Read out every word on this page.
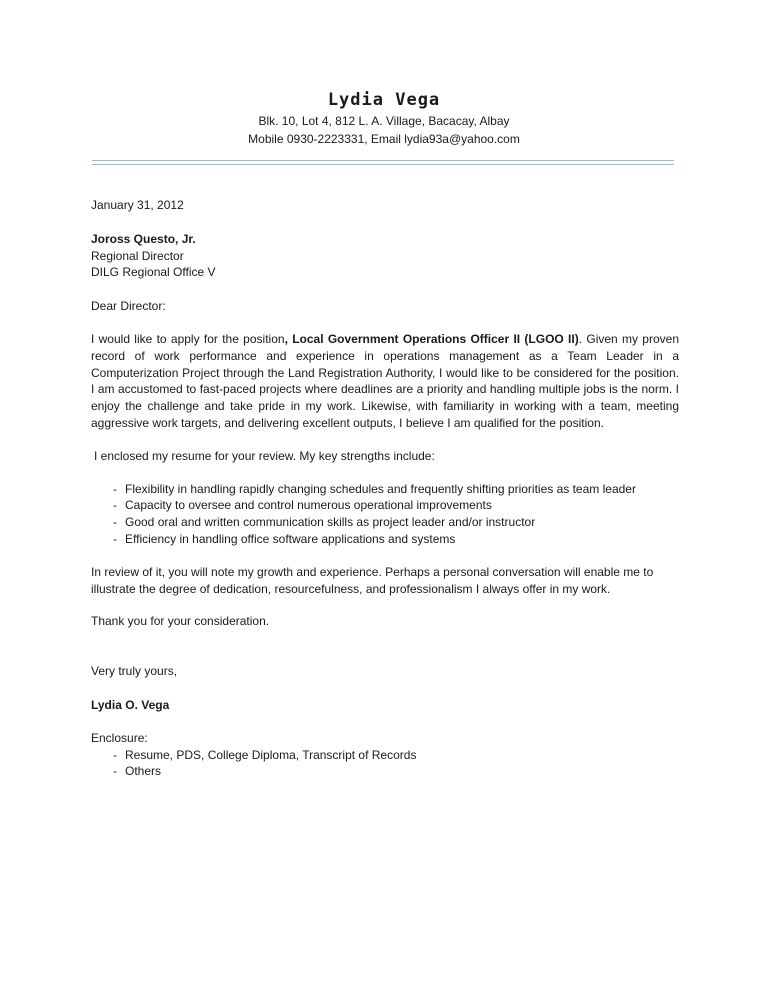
Lydia Vega

Blk. 10, Lot 4, 812 L. A. Village, Bacacay, Albay

Mobile 0930-2223331, Email lydia93a@yahoo.com

January 31, 2012

Joross Questo, Jr.
Regional Director
DILG Regional Office V

Dear Director:

I would like to apply for the position, Local Government Operations Officer II (LGOO II). Given my proven record of work performance and experience in operations management as a Team Leader in a Computerization Project through the Land Registration Authority, I would like to be considered for the position. I am accustomed to fast-paced projects where deadlines are a priority and handling multiple jobs is the norm. I enjoy the challenge and take pride in my work. Likewise, with familiarity in working with a team, meeting aggressive work targets, and delivering excellent outputs, I believe I am qualified for the position.

I enclosed my resume for your review. My key strengths include:

- Flexibility in handling rapidly changing schedules and frequently shifting priorities as team leader
- Capacity to oversee and control numerous operational improvements
- Good oral and written communication skills as project leader and/or instructor
- Efficiency in handling office software applications and systems

In review of it, you will note my growth and experience. Perhaps a personal conversation will enable me to illustrate the degree of dedication, resourcefulness, and professionalism I always offer in my work.

Thank you for your consideration.

Very truly yours,

Lydia O. Vega

Enclosure:

- Resume, PDS, College Diploma, Transcript of Records
- Others
